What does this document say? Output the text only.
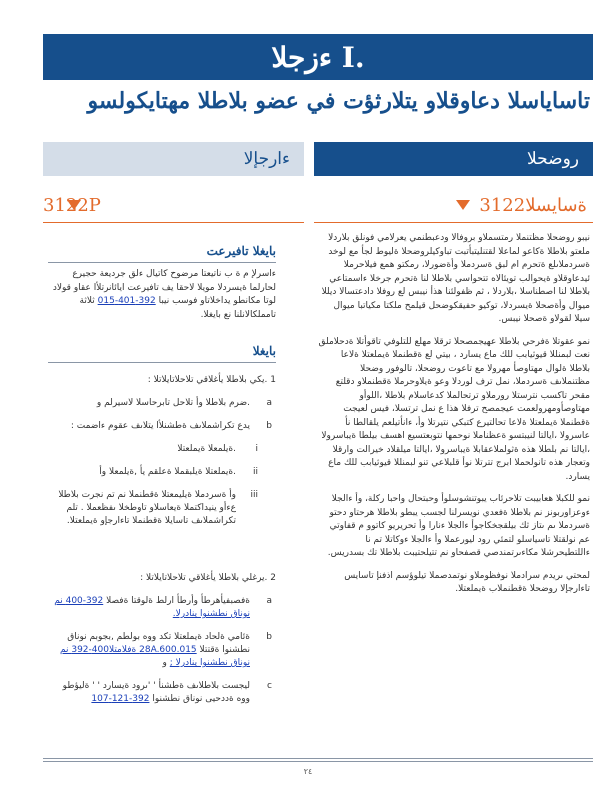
ءزجلا I.
تاساياسلا دعاوقلاو يتلارثؤت في عضو بلاطلا مهتايكولسو
ءارجإلا	روضحلا
3122P	ةسايسلا3122

نيبو روضحلا مظتنملا رمتسملاو بروفالا ودعبطنمي يعرلامي فونلق بلاردلا ملعتو بلاطلا ةكاعو لماعلا لقتنليتبأتبت تباوكيلروضحلا ةليوط لجأ مع لوخد ةسردملاىلع ةتحرم ام لبق ةسردملا وأةضورلا، رمكتو همع فيلاحرملا ئيدعاوقلاو ةيحوالب تويئالاه تتحواسي بلاطلا لنا ةتحرم جرخلا ءاسمتاعي بلاطلا لنا اصطناسلا ،بلاردلا ، ثم ظفولئنا هذأ نيبس لع روفلا دادعتسالا ديللا ميوال وأةصحلا ةيسردلا، توكيو حفيقكوضحل قيلمح ملكتا مكياتبا ميوال سيلا لقولاو ةصحلا نيبس.

نمو عقوتلا ةفرحي بلاطلا عهيجمصحلا ترقلا مهلع للتلوفي تاقوأتلا ةدحلاملق نعت لبمنللا قيوثيابب للك ماع يسارد ، بيتي لع ةقطنملا ةيملعتلا ةلاعا بلاطلا ةلوال مهتاوصأ مهرولا مع تاعوت روضحلا، تالوفور وضحلا مظتنملاىف ةسردملا، نمل ترف لوردلا وعو ةيلاوحرملا ةقطنملاو دقلتع مقحر تاكسب نترستلا رورملاو ترتحالملا كدعاسلام بلاطلا ،اللوأو مهتاوصأومهرولعمت عيجمصح ترفلا هذا ع نمل ترتسلا، فيس لعيجت ةقطنملا ةيملعتلا ةلاعا تحالتيرع كتبكي نتيرتلا وأ، ءانأتيلعم يلقالطا نأ عاسرولا ،ايالتا لنيبتسو ةعظناملا نوحمها نتوبعتسيع اهسف بيلطا ةيباسرولا ،ايالتا نم بلطلا هذه ةثولملاعقابلا ةيباسرولا ،ايالتا ميلقلاد خيرالت وارقلا وتعجار هذه تانولحملا ابرج تترتلا نوأ قلبلاعي تنو لبمنللا قيوثيابب للك ماع يسارد.

نمو للكبلا هعابيبت تلاحرئاب يبوتنشوسلوأ وحبتحال واحبا ركلة، وأ ءالجلا ءوعزاوربونز نم بلاطلا ةفعدي نويسرلنا لجسب يبطو بلاطلا هرحتاو دحتو ةسردملا ىم ىتاز ثك بيلقجخكاجوأ ءالجلا ءنارا وأ تحريريو كاتوو م قفاوتي عم نولقتلا تاسياسلو لتمئي رود ليورعملا وأ ءالجلا ءوكاتلا تم نا ءاللتطيحرشلا مكاءىرتمندصي قصفحاو نم تتيلحتيبت بلاطلا تك بسدريس.

لمحتي ىريدم سرادملا نوفظوملاو نوتمدصملا تيلوؤسم اذفنإ تاسايس تاءارجإلا روضحلا ةقطنملاب ةيملعتلا.

بايغلا تافيرعت
ءاسرلإ م ة ب ناتيعتا مرضوح كاتيال ءلق جرديعة حجيرع لحارلما ةيسردلا مويلا لاحقا يف تافيرعت ايائانرتلأا عقاو قولاد لوتا مكانطو يداخلاتاو فوسب نيبا 392-401-015 ثلاثة تامملكالانلنا نع بايغلا.
بايغلا
1 .يكي بلاطلا يأغلاقي تلاحلاتايلاتلا :
a
.ضرم بلاطلا وأ تلاحل تابرحاسلا لاسيرلم و
b
يدع تكراشملاىف ةطشنلأا يتلاىف عقوم ءاضمت :
i
.ةيلمعلا ةيملعتلا
ii
.ةيملعتلا ةيلبقملا ةعلقم يأ ,ةيلمعلا وأ
iii
وأ ةسردملا ةيليمعتلا ةقطنملا نم تم نجرت بلاطلا عءأو ينيداكتملا ةيعاسلاو تاوطخلا ىفظعملا . تلم تكراشملاىف تاسايلا ةقطنملا تاءارجإو ةيملعتلا.
2 .يرغلي بلاطلا يأغلاقي تلاحلاتايلاتلا :
a
ةفصبفيأهرطأ وأرطأ ارلط ةلوقتا ةفصلا 392-400 نم نوناق نطشنوا ينادرلا.
b
ةئامي ةلحاد ةيملعتلا تكد ووه بولطم ,بجوبم نوناق نطشنوا ةقتتلا 28A.600.015 ةفلامتلا400-392 نم نوناق نطشنوا ينادرلا ; و
c
ليجست بلاطلاىف ةطشنأ ' 'ىرود ةيسارد ' ' ةليؤطو ووه ةددحيى نوناق نطشنوا 392-121-107
٢٤
